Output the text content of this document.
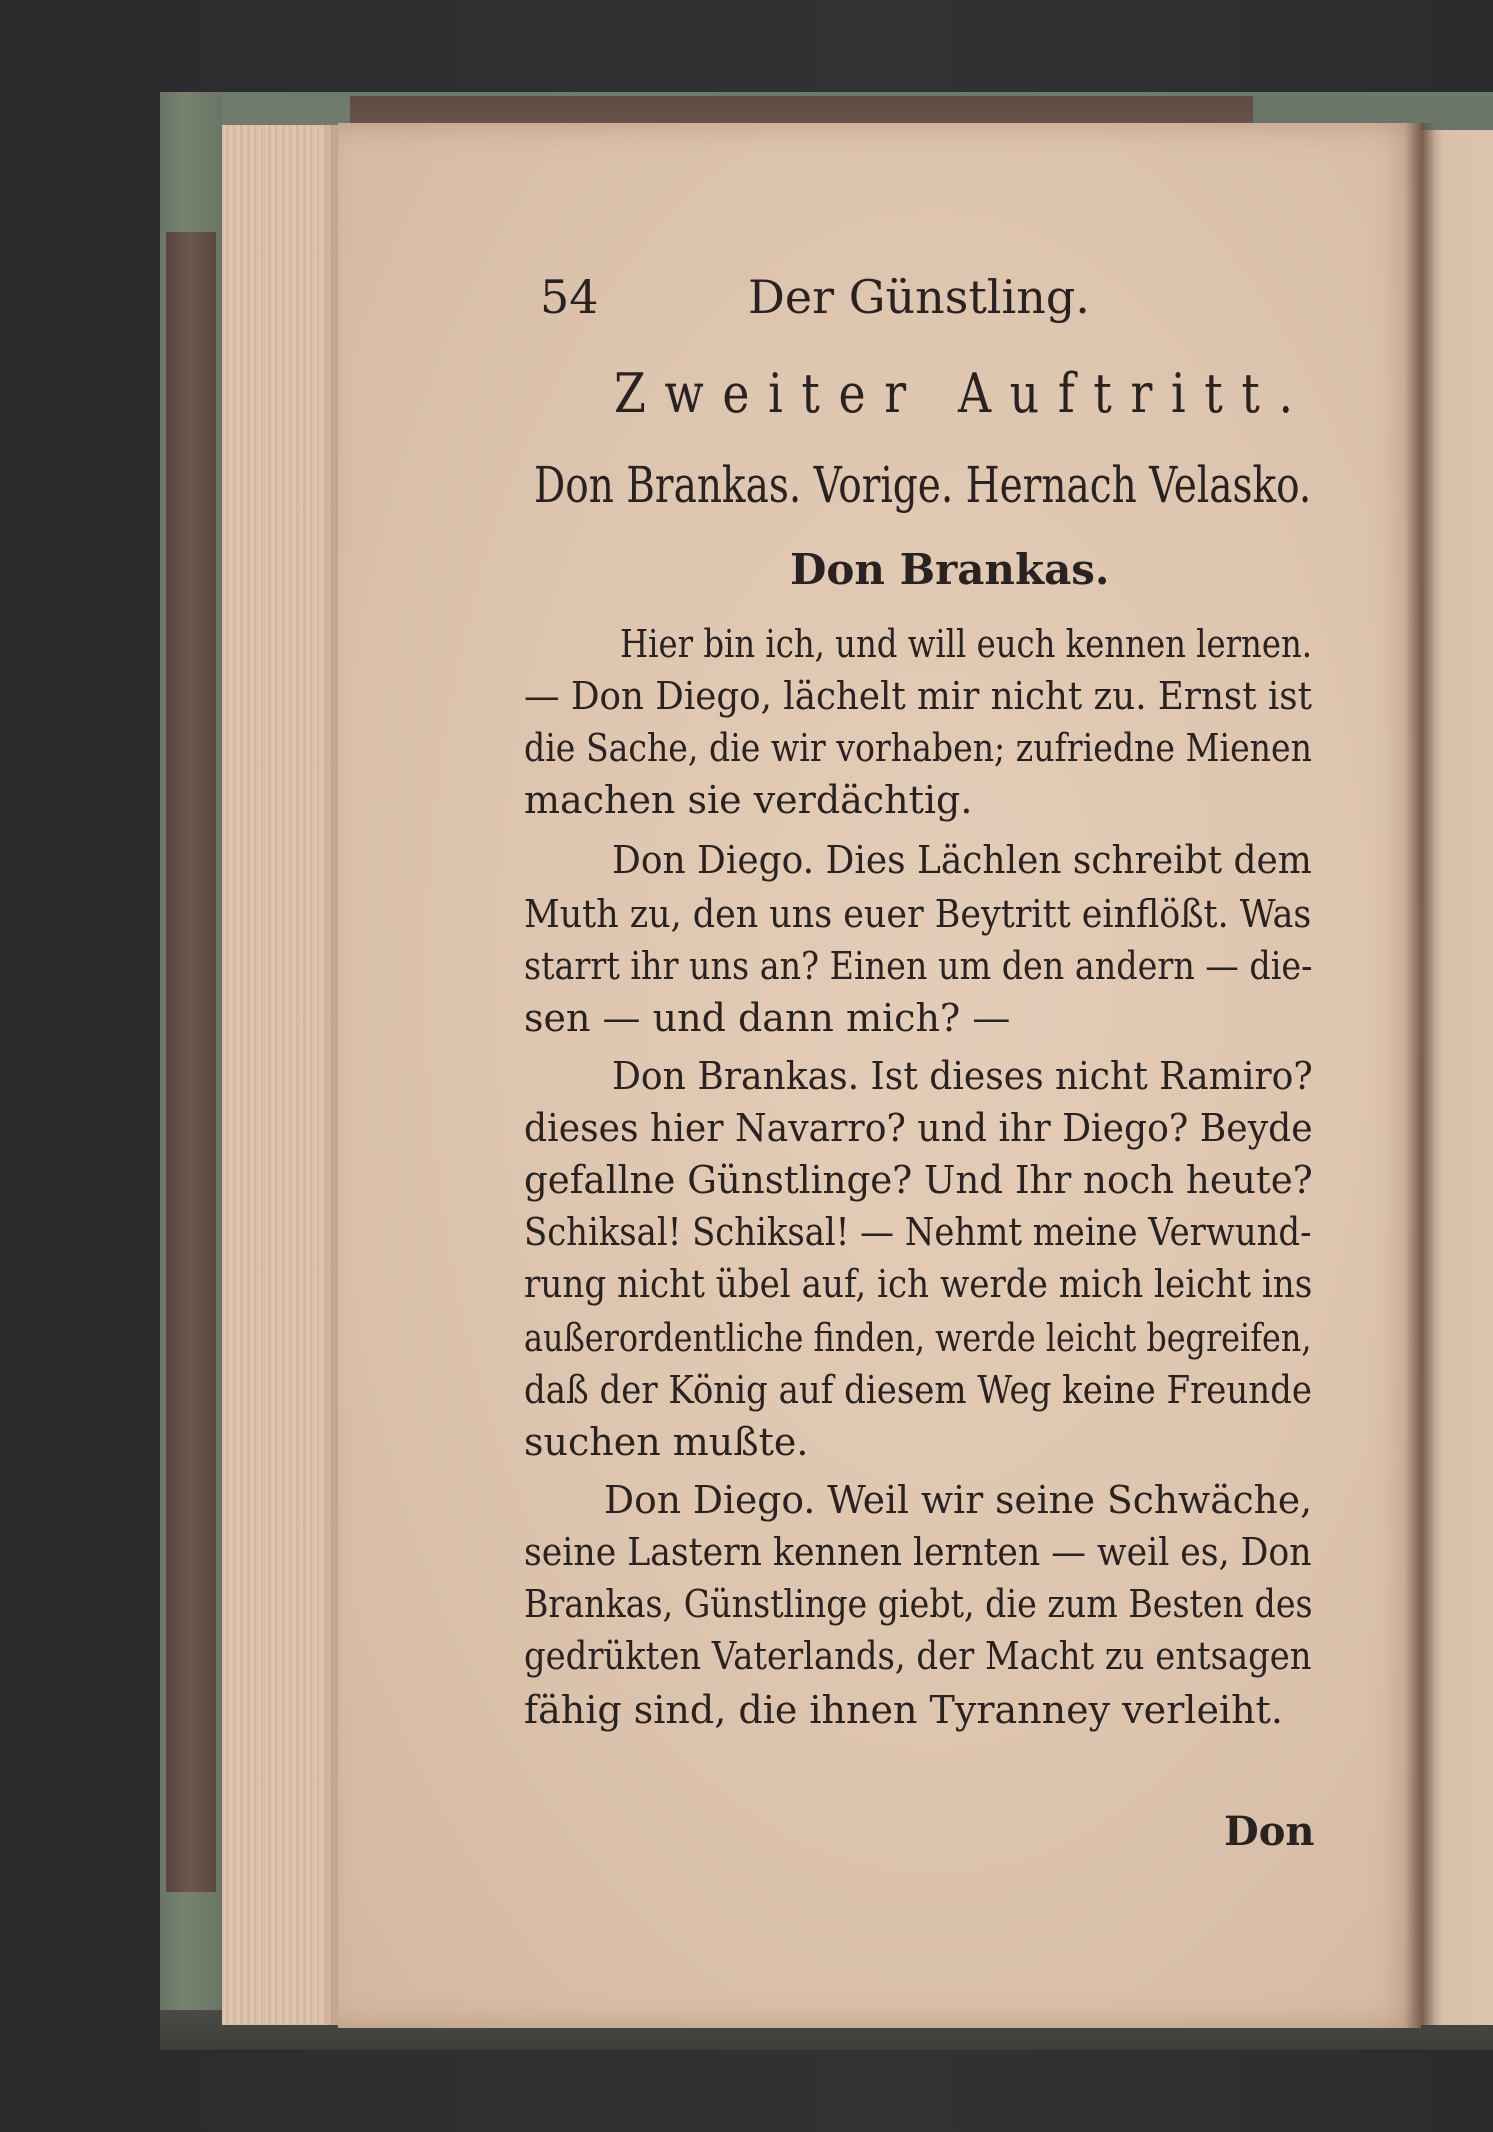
54	Der Günstling.
Zweiter Auftritt.
Don Brankas. Vorige. Hernach Velasko.
Don Brankas.
Hier bin ich, und will euch kennen lernen.
— Don Diego, lächelt mir nicht zu. Ernst ist
die Sache, die wir vorhaben; zufriedne Mienen
machen sie verdächtig.
Don Diego. Dies Lächlen schreibt dem
Muth zu, den uns euer Beytritt einflößt. Was
starrt ihr uns an? Einen um den andern — die-
sen — und dann mich? —
Don Brankas. Ist dieses nicht Ramiro?
dieses hier Navarro? und ihr Diego? Beyde
gefallne Günstlinge? Und Ihr noch heute?
Schiksal! Schiksal! — Nehmt meine Verwund-
rung nicht übel auf, ich werde mich leicht ins
außerordentliche finden, werde leicht begreifen,
daß der König auf diesem Weg keine Freunde
suchen mußte.
Don Diego. Weil wir seine Schwäche,
seine Lastern kennen lernten — weil es, Don
Brankas, Günstlinge giebt, die zum Besten des
gedrükten Vaterlands, der Macht zu entsagen
fähig sind, die ihnen Tyranney verleiht.
Don
